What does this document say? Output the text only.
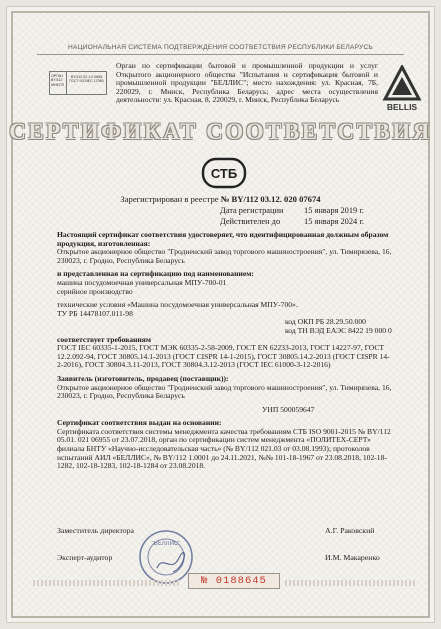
НАЦИОНАЛЬНАЯ СИСТЕМА ПОДТВЕРЖДЕНИЯ СООТВЕТСТВИЯ РЕСПУБЛИКИ БЕЛАРУСЬ
ОРГАН BY/112 МНЕСП
BY/112 02.1.0.0658 ГОСТ ISO/IEC 17065
Орган по сертификации бытовой и промышленной продукции и услуг Открытого акционерного общества "Испытания и сертификация бытовой и промышленной продукции "БЕЛЛИС"; место нахождения: ул. Красная, 7Б, 220029, г. Минск, Республика Беларусь; адрес места осуществления деятельности: ул. Красная, 8, 220029, г. Минск, Республика Беларусь
BELLIS
СЕРТИФИКАТ СООТВЕТСТВИЯ
СТБ
Зарегистрирован в реестре № BY/112 03.12. 020 07674
Дата регистрации 15 января 2019 г.
Действителен до	15 января 2024 г.
Настоящий сертификат соответствия удостоверяет, что идентифицированная должным образом продукция, изготовленная:
Открытое акционерное общество "Гродненский завод торгового машиностроения", ул. Тимирязева, 16, 230023, г. Гродно, Республика Беларусь
и представленная на сертификацию под наименованием:
машина посудомоечная универсальная МПУ-700-01
серийное производство
технические условия «Машина посудомоечная универсальная МПУ-700».
ТУ РБ 14478107.011-98
код ОКП РБ 28.29.50.000
код ТН ВЭД ЕАЭС 8422 19 000 0
соответствует требованиям
ГОСТ IEC 60335-1-2015, ГОСТ МЭК 60335-2-58-2009, ГОСТ EN 62233-2013, ГОСТ 14227-97, ГОСТ 12.2.092-94, ГОСТ 30805.14.1-2013 (ГОСТ CISPR 14-1-2015), ГОСТ 30805.14.2-2013 (ГОСТ CISPR 14-2-2016), ГОСТ 30804.3.11-2013, ГОСТ 30804.3.12-2013 (ГОСТ IEC 61000-3-12-2016)
Заявитель (изготовитель, продавец (поставщик)):
Открытое акционерное общество "Гродненский завод торгового машиностроения", ул. Тимирязева, 16, 230023, г. Гродно, Республика Беларусь
УНП 500059647
Сертификат соответствия выдан на основании:
Сертификата соответствия системы менеджмента качества требованиям СТБ ISO 9001-2015 № BY/112 05.01. 021 06955 от 23.07.2018, орган по сертификации систем менеджмента «ПОЛИТЕХ-СЕРТ» филиала БНТУ «Научно-исследовательская часть» (№ BY/112 021.03 от 03.08.1993); протоколов испытаний АИЛ «БЕЛЛИС», № BY/112 1.0001 до 24.11.2021, №№ 101-18-1967 от 23.08.2018, 102-18-1282, 102-18-1283, 102-18-1284 от 23.08.2018.
"БЕЛЛИС"
Заместитель директора	А.Г. Раковский
Эксперт-аудитор	И.М. Макаренко
№ 0188645
